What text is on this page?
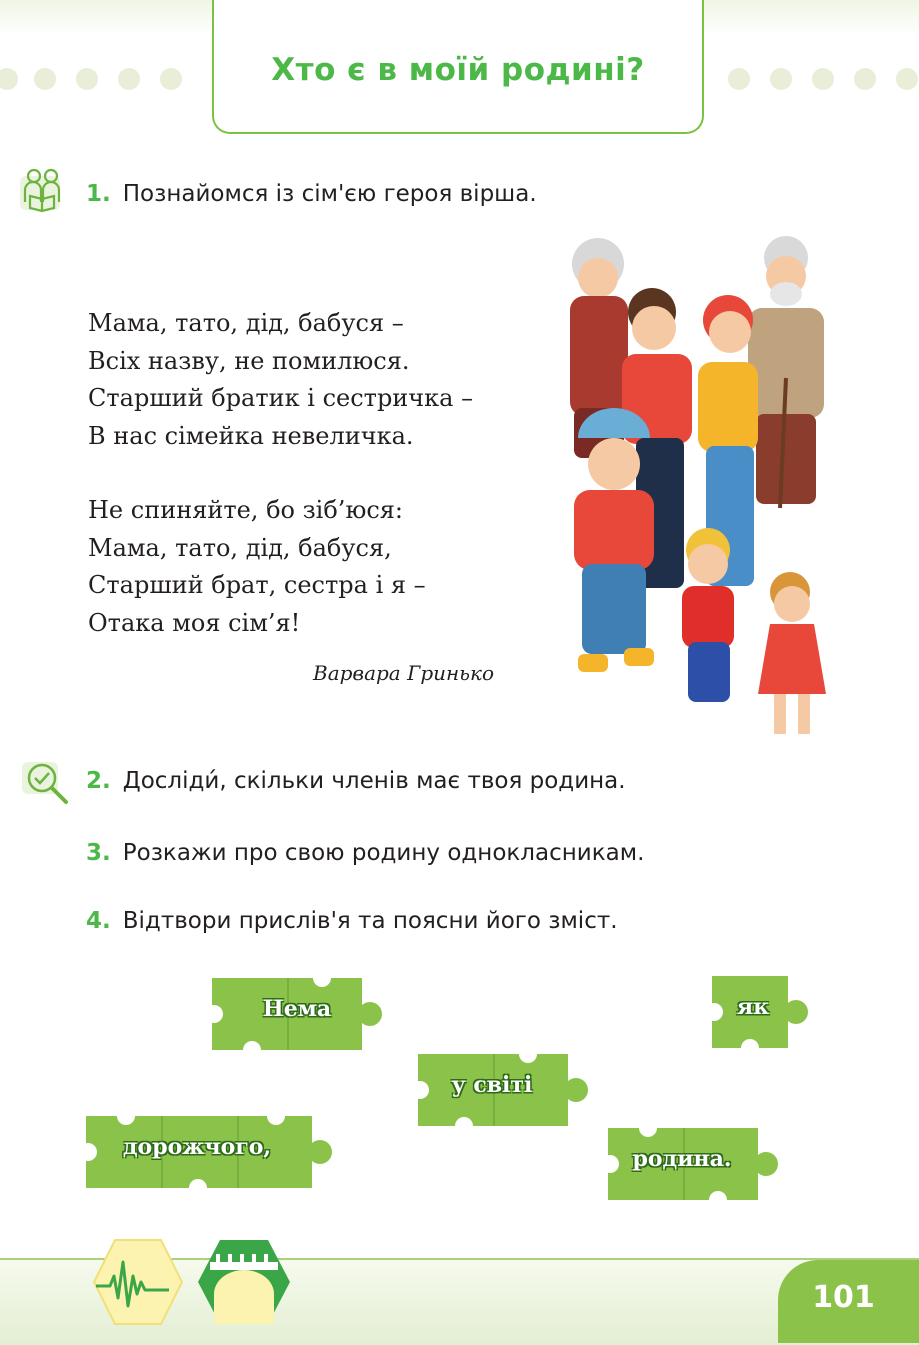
Хто є в моїй родині?
1. Познайомся із сім'єю героя вірша.
Мама, тато, дід, бабуся –
Всіх назву, не помилюся.
Старший братик і сестричка –
В нас сімейка невеличка.
Не спиняйте, бо зіб’юся:
Мама, тато, дід, бабуся,
Старший брат, сестра і я –
Отака моя сім’я!
Варвара Гринько
2. Досліди́, скільки членів має твоя родина.
3. Розкажи про свою родину однокласникам.
4. Відтвори прислів'я та поясни його зміст.
Нема	як
у світі
дорожчого,	родина.
101
